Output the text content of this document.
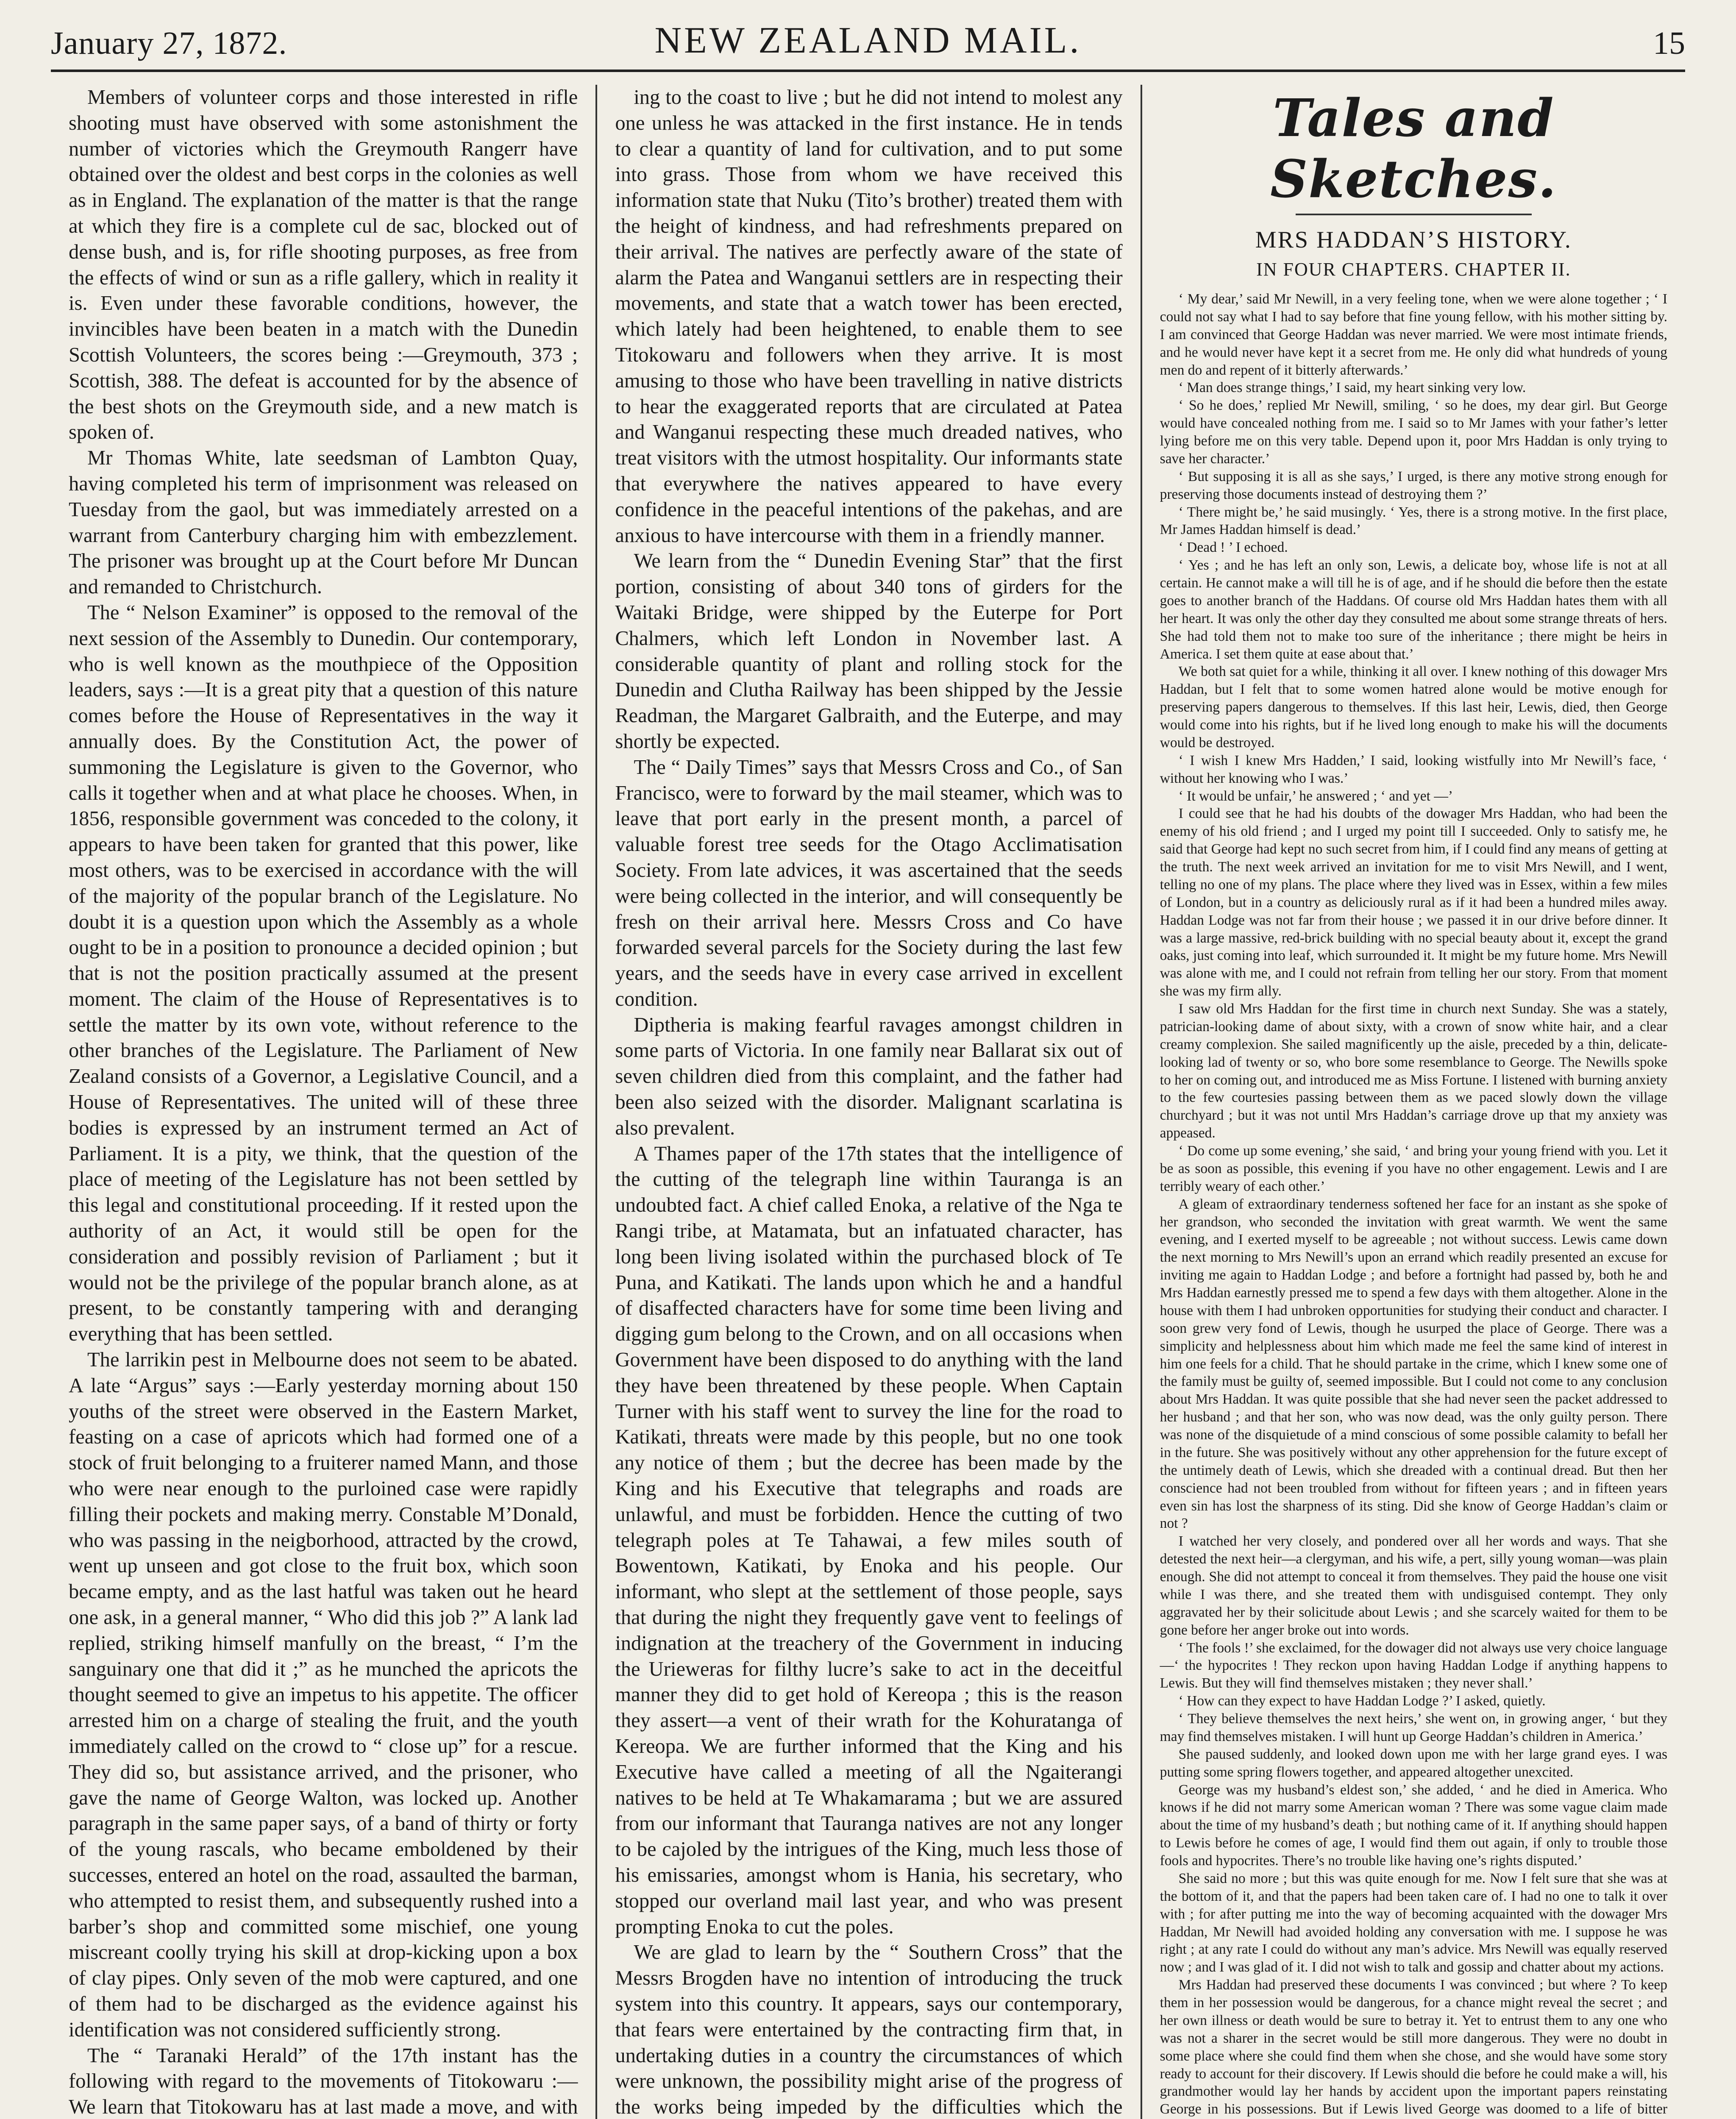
January 27, 1872.	NEW ZEALAND MAIL.	15

Members of volunteer corps and those interested in rifle shooting must have observed with some astonishment the number of victories which the Greymouth Rangerr have obtained over the oldest and best corps in the colonies as well as in England. The explanation of the matter is that the range at which they fire is a complete cul de sac, blocked out of dense bush, and is, for rifle shooting purposes, as free from the effects of wind or sun as a rifle gallery, which in reality it is. Even under these favorable conditions, however, the invincibles have been beaten in a match with the Dunedin Scottish Volunteers, the scores being :—Greymouth, 373 ; Scottish, 388. The defeat is accounted for by the absence of the best shots on the Greymouth side, and a new match is spoken of.

Mr Thomas White, late seedsman of Lambton Quay, having completed his term of imprisonment was released on Tuesday from the gaol, but was immediately arrested on a warrant from Canterbury charging him with embezzlement. The prisoner was brought up at the Court before Mr Duncan and remanded to Christchurch.

The “ Nelson Examiner” is opposed to the removal of the next session of the Assembly to Dunedin. Our contemporary, who is well known as the mouthpiece of the Opposition leaders, says :—It is a great pity that a question of this nature comes before the House of Representatives in the way it annually does. By the Constitution Act, the power of summoning the Legislature is given to the Governor, who calls it together when and at what place he chooses. When, in 1856, responsible government was conceded to the colony, it appears to have been taken for granted that this power, like most others, was to be exercised in accordance with the will of the majority of the popular branch of the Legislature. No doubt it is a question upon which the Assembly as a whole ought to be in a position to pronounce a decided opinion ; but that is not the position practically assumed at the present moment. The claim of the House of Representatives is to settle the matter by its own vote, without reference to the other branches of the Legislature. The Parliament of New Zealand consists of a Governor, a Legislative Council, and a House of Representatives. The united will of these three bodies is expressed by an instrument termed an Act of Parliament. It is a pity, we think, that the question of the place of meeting of the Legislature has not been settled by this legal and constitutional proceeding. If it rested upon the authority of an Act, it would still be open for the consideration and possibly revision of Parliament ; but it would not be the privilege of the popular branch alone, as at present, to be constantly tampering with and deranging everything that has been settled.

The larrikin pest in Melbourne does not seem to be abated. A late “Argus” says :—Early yesterday morning about 150 youths of the street were observed in the Eastern Market, feasting on a case of apricots which had formed one of a stock of fruit belonging to a fruiterer named Mann, and those who were near enough to the purloined case were rapidly filling their pockets and making merry. Constable M’Donald, who was passing in the neigborhood, attracted by the crowd, went up unseen and got close to the fruit box, which soon became empty, and as the last hatful was taken out he heard one ask, in a general manner, “ Who did this job ?” A lank lad replied, striking himself manfully on the breast, “ I’m the sanguinary one that did it ;” as he munched the apricots the thought seemed to give an impetus to his appetite. The officer arrested him on a charge of stealing the fruit, and the youth immediately called on the crowd to “ close up” for a rescue. They did so, but assistance arrived, and the prisoner, who gave the name of George Walton, was locked up. Another paragraph in the same paper says, of a band of thirty or forty of the young rascals, who became emboldened by their successes, entered an hotel on the road, assaulted the barman, who attempted to resist them, and subsequently rushed into a barber’s shop and committed some mischief, one young miscreant coolly trying his skill at drop-kicking upon a box of clay pipes. Only seven of the mob were captured, and one of them had to be discharged as the evidence against his identification was not considered sufficiently strong.

The “ Taranaki Herald” of the 17th instant has the following with regard to the movements of Titokowaru :—We learn that Titokowaru has at last made a move, and with

ing to the coast to live ; but he did not intend to molest any one unless he was attacked in the first instance. He in tends to clear a quantity of land for cultivation, and to put some into grass. Those from whom we have received this information state that Nuku (Tito’s brother) treated them with the height of kindness, and had refreshments prepared on their arrival. The natives are perfectly aware of the state of alarm the Patea and Wanganui settlers are in respecting their movements, and state that a watch tower has been erected, which lately had been heightened, to enable them to see Titokowaru and followers when they arrive. It is most amusing to those who have been travelling in native districts to hear the exaggerated reports that are circulated at Patea and Wanganui respecting these much dreaded natives, who treat visitors with the utmost hospitality. Our informants state that everywhere the natives appeared to have every confidence in the peaceful intentions of the pakehas, and are anxious to have intercourse with them in a friendly manner.

We learn from the “ Dunedin Evening Star” that the first portion, consisting of about 340 tons of girders for the Waitaki Bridge, were shipped by the Euterpe for Port Chalmers, which left London in November last. A considerable quantity of plant and rolling stock for the Dunedin and Clutha Railway has been shipped by the Jessie Readman, the Margaret Galbraith, and the Euterpe, and may shortly be expected.

The “ Daily Times” says that Messrs Cross and Co., of San Francisco, were to forward by the mail steamer, which was to leave that port early in the present month, a parcel of valuable forest tree seeds for the Otago Acclimatisation Society. From late advices, it was ascertained that the seeds were being collected in the interior, and will consequently be fresh on their arrival here. Messrs Cross and Co have forwarded several parcels for the Society during the last few years, and the seeds have in every case arrived in excellent condition.

Diptheria is making fearful ravages amongst children in some parts of Victoria. In one family near Ballarat six out of seven children died from this complaint, and the father had been also seized with the disorder. Malignant scarlatina is also prevalent.

A Thames paper of the 17th states that the intelligence of the cutting of the telegraph line within Tauranga is an undoubted fact. A chief called Enoka, a relative of the Nga te Rangi tribe, at Matamata, but an infatuated character, has long been living isolated within the purchased block of Te Puna, and Katikati. The lands upon which he and a handful of disaffected characters have for some time been living and digging gum belong to the Crown, and on all occasions when Government have been disposed to do anything with the land they have been threatened by these people. When Captain Turner with his staff went to survey the line for the road to Katikati, threats were made by this people, but no one took any notice of them ; but the decree has been made by the King and his Executive that telegraphs and roads are unlawful, and must be forbidden. Hence the cutting of two telegraph poles at Te Tahawai, a few miles south of Bowentown, Katikati, by Enoka and his people. Our informant, who slept at the settlement of those people, says that during the night they frequently gave vent to feelings of indignation at the treachery of the Government in inducing the Urieweras for filthy lucre’s sake to act in the deceitful manner they did to get hold of Kereopa ; this is the reason they assert—a vent of their wrath for the Kohuratanga of Kereopa. We are further informed that the King and his Executive have called a meeting of all the Ngaiterangi natives to be held at Te Whakamarama ; but we are assured from our informant that Tauranga natives are not any longer to be cajoled by the intrigues of the King, much less those of his emissaries, amongst whom is Hania, his secretary, who stopped our overland mail last year, and who was present prompting Enoka to cut the poles.

We are glad to learn by the “ Southern Cross” that the Messrs Brogden have no intention of introducing the truck system into this country. It appears, says our contemporary, that fears were entertained by the contracting firm that, in undertaking duties in a country the circumstances of which were unknown, the possibility might arise of the progress of the works being impeded by the difficulties which the

Tales and Sketches.
MRS HADDAN’S HISTORY.
IN FOUR CHAPTERS. CHAPTER II.

‘ My dear,’ said Mr Newill, in a very feeling tone, when we were alone together ; ‘ I could not say what I had to say before that fine young fellow, with his mother sitting by. I am convinced that George Haddan was never married. We were most intimate friends, and he would never have kept it a secret from me. He only did what hundreds of young men do and repent of it bitterly afterwards.’

‘ Man does strange things,’ I said, my heart sinking very low.

‘ So he does,’ replied Mr Newill, smiling, ‘ so he does, my dear girl. But George would have concealed nothing from me. I said so to Mr James with your father’s letter lying before me on this very table. Depend upon it, poor Mrs Haddan is only trying to save her character.’

‘ But supposing it is all as she says,’ I urged, is there any motive strong enough for preserving those documents instead of destroying them ?’

‘ There might be,’ he said musingly. ‘ Yes, there is a strong motive. In the first place, Mr James Haddan himself is dead.’

‘ Dead ! ’ I echoed.

‘ Yes ; and he has left an only son, Lewis, a delicate boy, whose life is not at all certain. He cannot make a will till he is of age, and if he should die before then the estate goes to another branch of the Haddans. Of course old Mrs Haddan hates them with all her heart. It was only the other day they consulted me about some strange threats of hers. She had told them not to make too sure of the inheritance ; there might be heirs in America. I set them quite at ease about that.’

We both sat quiet for a while, thinking it all over. I knew nothing of this dowager Mrs Haddan, but I felt that to some women hatred alone would be motive enough for preserving papers dangerous to themselves. If this last heir, Lewis, died, then George would come into his rights, but if he lived long enough to make his will the documents would be destroyed.

‘ I wish I knew Mrs Hadden,’ I said, looking wistfully into Mr Newill’s face, ‘ without her knowing who I was.’

‘ It would be unfair,’ he answered ; ‘ and yet —’

I could see that he had his doubts of the dowager Mrs Haddan, who had been the enemy of his old friend ; and I urged my point till I succeeded. Only to satisfy me, he said that George had kept no such secret from him, if I could find any means of getting at the truth. The next week arrived an invitation for me to visit Mrs Newill, and I went, telling no one of my plans. The place where they lived was in Essex, within a few miles of London, but in a country as deliciously rural as if it had been a hundred miles away. Haddan Lodge was not far from their house ; we passed it in our drive before dinner. It was a large massive, red-brick building with no special beauty about it, except the grand oaks, just coming into leaf, which surrounded it. It might be my future home. Mrs Newill was alone with me, and I could not refrain from telling her our story. From that moment she was my firm ally.

I saw old Mrs Haddan for the first time in church next Sunday. She was a stately, patrician-looking dame of about sixty, with a crown of snow white hair, and a clear creamy complexion. She sailed magnificently up the aisle, preceded by a thin, delicate-looking lad of twenty or so, who bore some resemblance to George. The Newills spoke to her on coming out, and introduced me as Miss Fortune. I listened with burning anxiety to the few courtesies passing between them as we paced slowly down the village churchyard ; but it was not until Mrs Haddan’s carriage drove up that my anxiety was appeased.

‘ Do come up some evening,’ she said, ‘ and bring your young friend with you. Let it be as soon as possible, this evening if you have no other engagement. Lewis and I are terribly weary of each other.’

A gleam of extraordinary tenderness softened her face for an instant as she spoke of her grandson, who seconded the invitation with great warmth. We went the same evening, and I exerted myself to be agreeable ; not without success. Lewis came down the next morning to Mrs Newill’s upon an errand which readily presented an excuse for inviting me again to Haddan Lodge ; and before a fortnight had passed by, both he and Mrs Haddan earnestly pressed me to spend a few days with them altogether. Alone in the house with them I had unbroken opportunities for studying their conduct and character. I soon grew very fond of Lewis, though he usurped the place of George. There was a simplicity and helplessness about him which made me feel the same kind of interest in him one feels for a child. That he should partake in the crime, which I knew some one of the family must be guilty of, seemed impossible. But I could not come to any conclusion about Mrs Haddan. It was quite possible that she had never seen the packet addressed to her husband ; and that her son, who was now dead, was the only guilty person. There was none of the disquietude of a mind conscious of some possible calamity to befall her in the future. She was positively without any other apprehension for the future except of the untimely death of Lewis, which she dreaded with a continual dread. But then her conscience had not been troubled from without for fifteen years ; and in fifteen years even sin has lost the sharpness of its sting. Did she know of George Haddan’s claim or not ?

I watched her very closely, and pondered over all her words and ways. That she detested the next heir—a clergyman, and his wife, a pert, silly young woman—was plain enough. She did not attempt to conceal it from themselves. They paid the house one visit while I was there, and she treated them with undisguised contempt. They only aggravated her by their solicitude about Lewis ; and she scarcely waited for them to be gone before her anger broke out into words.

‘ The fools !’ she exclaimed, for the dowager did not always use very choice language—‘ the hypocrites ! They reckon upon having Haddan Lodge if anything happens to Lewis. But they will find themselves mistaken ; they never shall.’

‘ How can they expect to have Haddan Lodge ?’ I asked, quietly.

‘ They believe themselves the next heirs,’ she went on, in growing anger, ‘ but they may find themselves mistaken. I will hunt up George Haddan’s children in America.’

She paused suddenly, and looked down upon me with her large grand eyes. I was putting some spring flowers together, and appeared altogether unexcited.

George was my husband’s eldest son,’ she added, ‘ and he died in America. Who knows if he did not marry some American woman ? There was some vague claim made about the time of my husband’s death ; but nothing came of it. If anything should happen to Lewis before he comes of age, I would find them out again, if only to trouble those fools and hypocrites. There’s no trouble like having one’s rights disputed.’

She said no more ; but this was quite enough for me. Now I felt sure that she was at the bottom of it, and that the papers had been taken care of. I had no one to talk it over with ; for after putting me into the way of becoming acquainted with the dowager Mrs Haddan, Mr Newill had avoided holding any conversation with me. I suppose he was right ; at any rate I could do without any man’s advice. Mrs Newill was equally reserved now ; and I was glad of it. I did not wish to talk and gossip and chatter about my actions.

Mrs Haddan had preserved these documents I was convinced ; but where ? To keep them in her possession would be dangerous, for a chance might reveal the secret ; and her own illness or death would be sure to betray it. Yet to entrust them to any one who was not a sharer in the secret would be still more dangerous. They were no doubt in some place where she could find them when she chose, and she would have some story ready to account for their discovery. If Lewis should die before he could make a will, his grandmother would lay her hands by accident upon the important papers reinstating George in his possessions. But if Lewis lived George was doomed to a life of bitter
